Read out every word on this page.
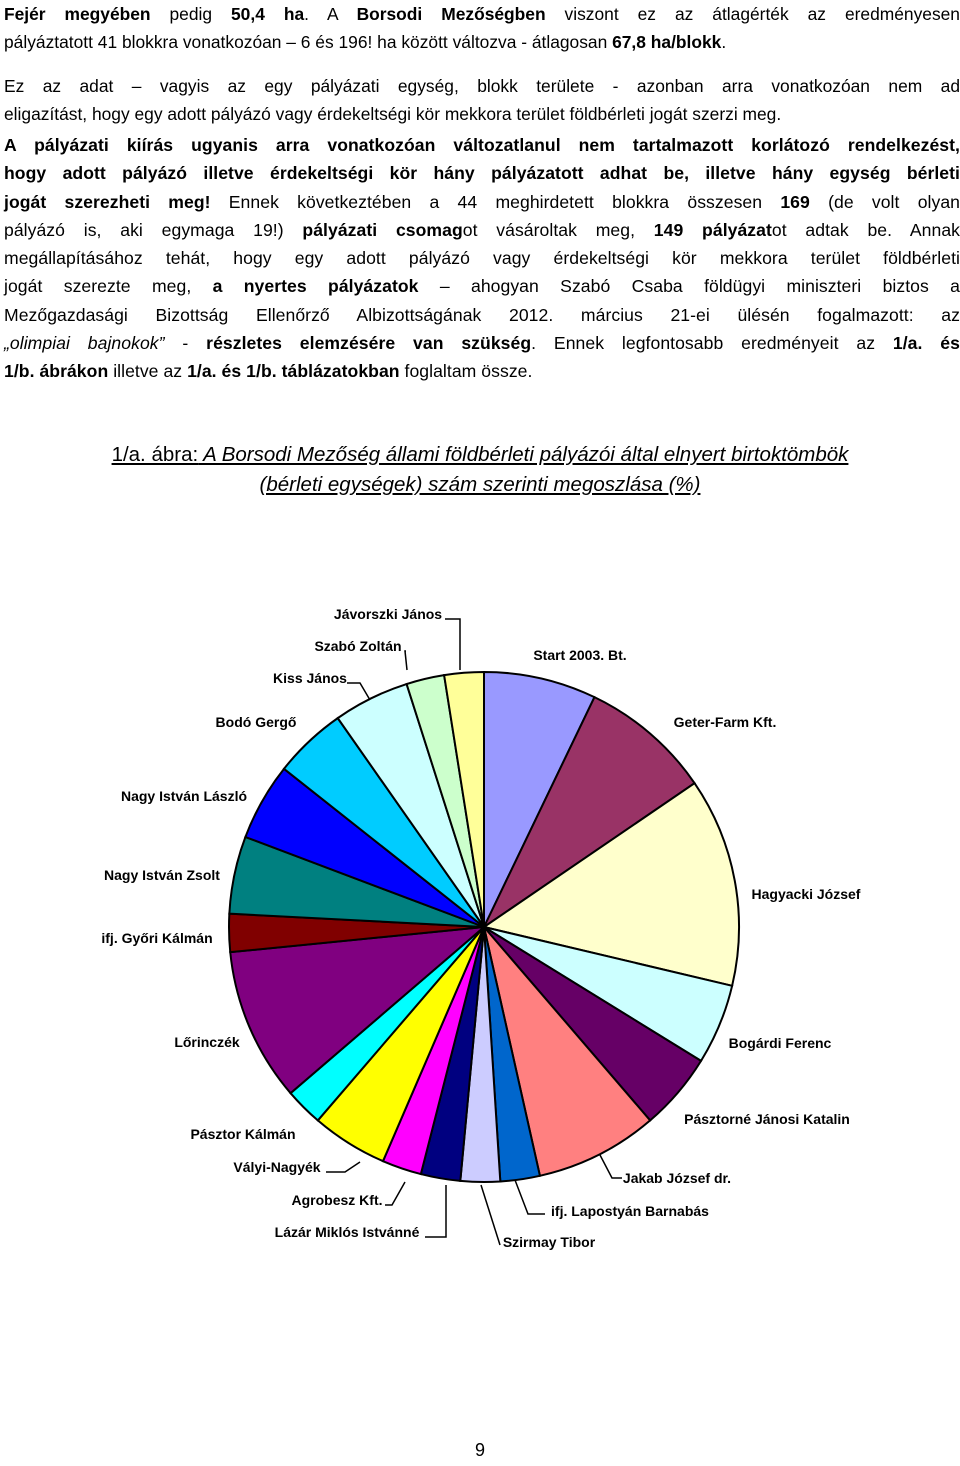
Fejér megyében pedig 50,4 ha. A Borsodi Mezőségben viszont ez az átlagérték az eredményesen
pályáztatott 41 blokkra vonatkozóan – 6 és 196! ha között változva - átlagosan 67,8 ha/blokk.
Ez az adat – vagyis az egy pályázati egység, blokk területe - azonban arra vonatkozóan nem ad
eligazítást, hogy egy adott pályázó vagy érdekeltségi kör mekkora terület földbérleti jogát szerzi meg.
A pályázati kiírás ugyanis arra vonatkozóan változatlanul nem tartalmazott korlátozó rendelkezést,
hogy adott pályázó illetve érdekeltségi kör hány pályázatott adhat be, illetve hány egység bérleti
jogát szerezheti meg! Ennek következtében a 44 meghirdetett blokkra összesen 169 (de volt olyan
pályázó is, aki egymaga 19!) pályázati csomagot vásároltak meg, 149 pályázatot adtak be. Annak
megállapításához tehát, hogy egy adott pályázó vagy érdekeltségi kör mekkora terület földbérleti
jogát szerezte meg, a nyertes pályázatok – ahogyan Szabó Csaba földügyi miniszteri biztos a
Mezőgazdasági Bizottság Ellenőrző Albizottságának 2012. március 21-ei ülésén fogalmazott: az
„olimpiai bajnokok” - részletes elemzésére van szükség. Ennek legfontosabb eredményeit az 1/a. és
1/b. ábrákon illetve az 1/a. és 1/b. táblázatokban foglaltam össze.
1/a. ábra: A Borsodi Mezőség állami földbérleti pályázói által elnyert birtoktömbök
(bérleti egységek) szám szerinti megoszlása (%)
Start 2003. Bt.
Geter-Farm Kft.
Hagyacki József
Bogárdi Ferenc
Pásztorné Jánosi Katalin
Jakab József dr.
ifj. Lapostyán Barnabás
Szirmay Tibor
Lázár Miklós Istvánné
Agrobesz Kft.
Vályi-Nagyék
Pásztor Kálmán
Lőrinczék
ifj. Győri Kálmán
Nagy István Zsolt
Nagy István László
Bodó Gergő
Kiss János
Szabó Zoltán
Jávorszki János
9
